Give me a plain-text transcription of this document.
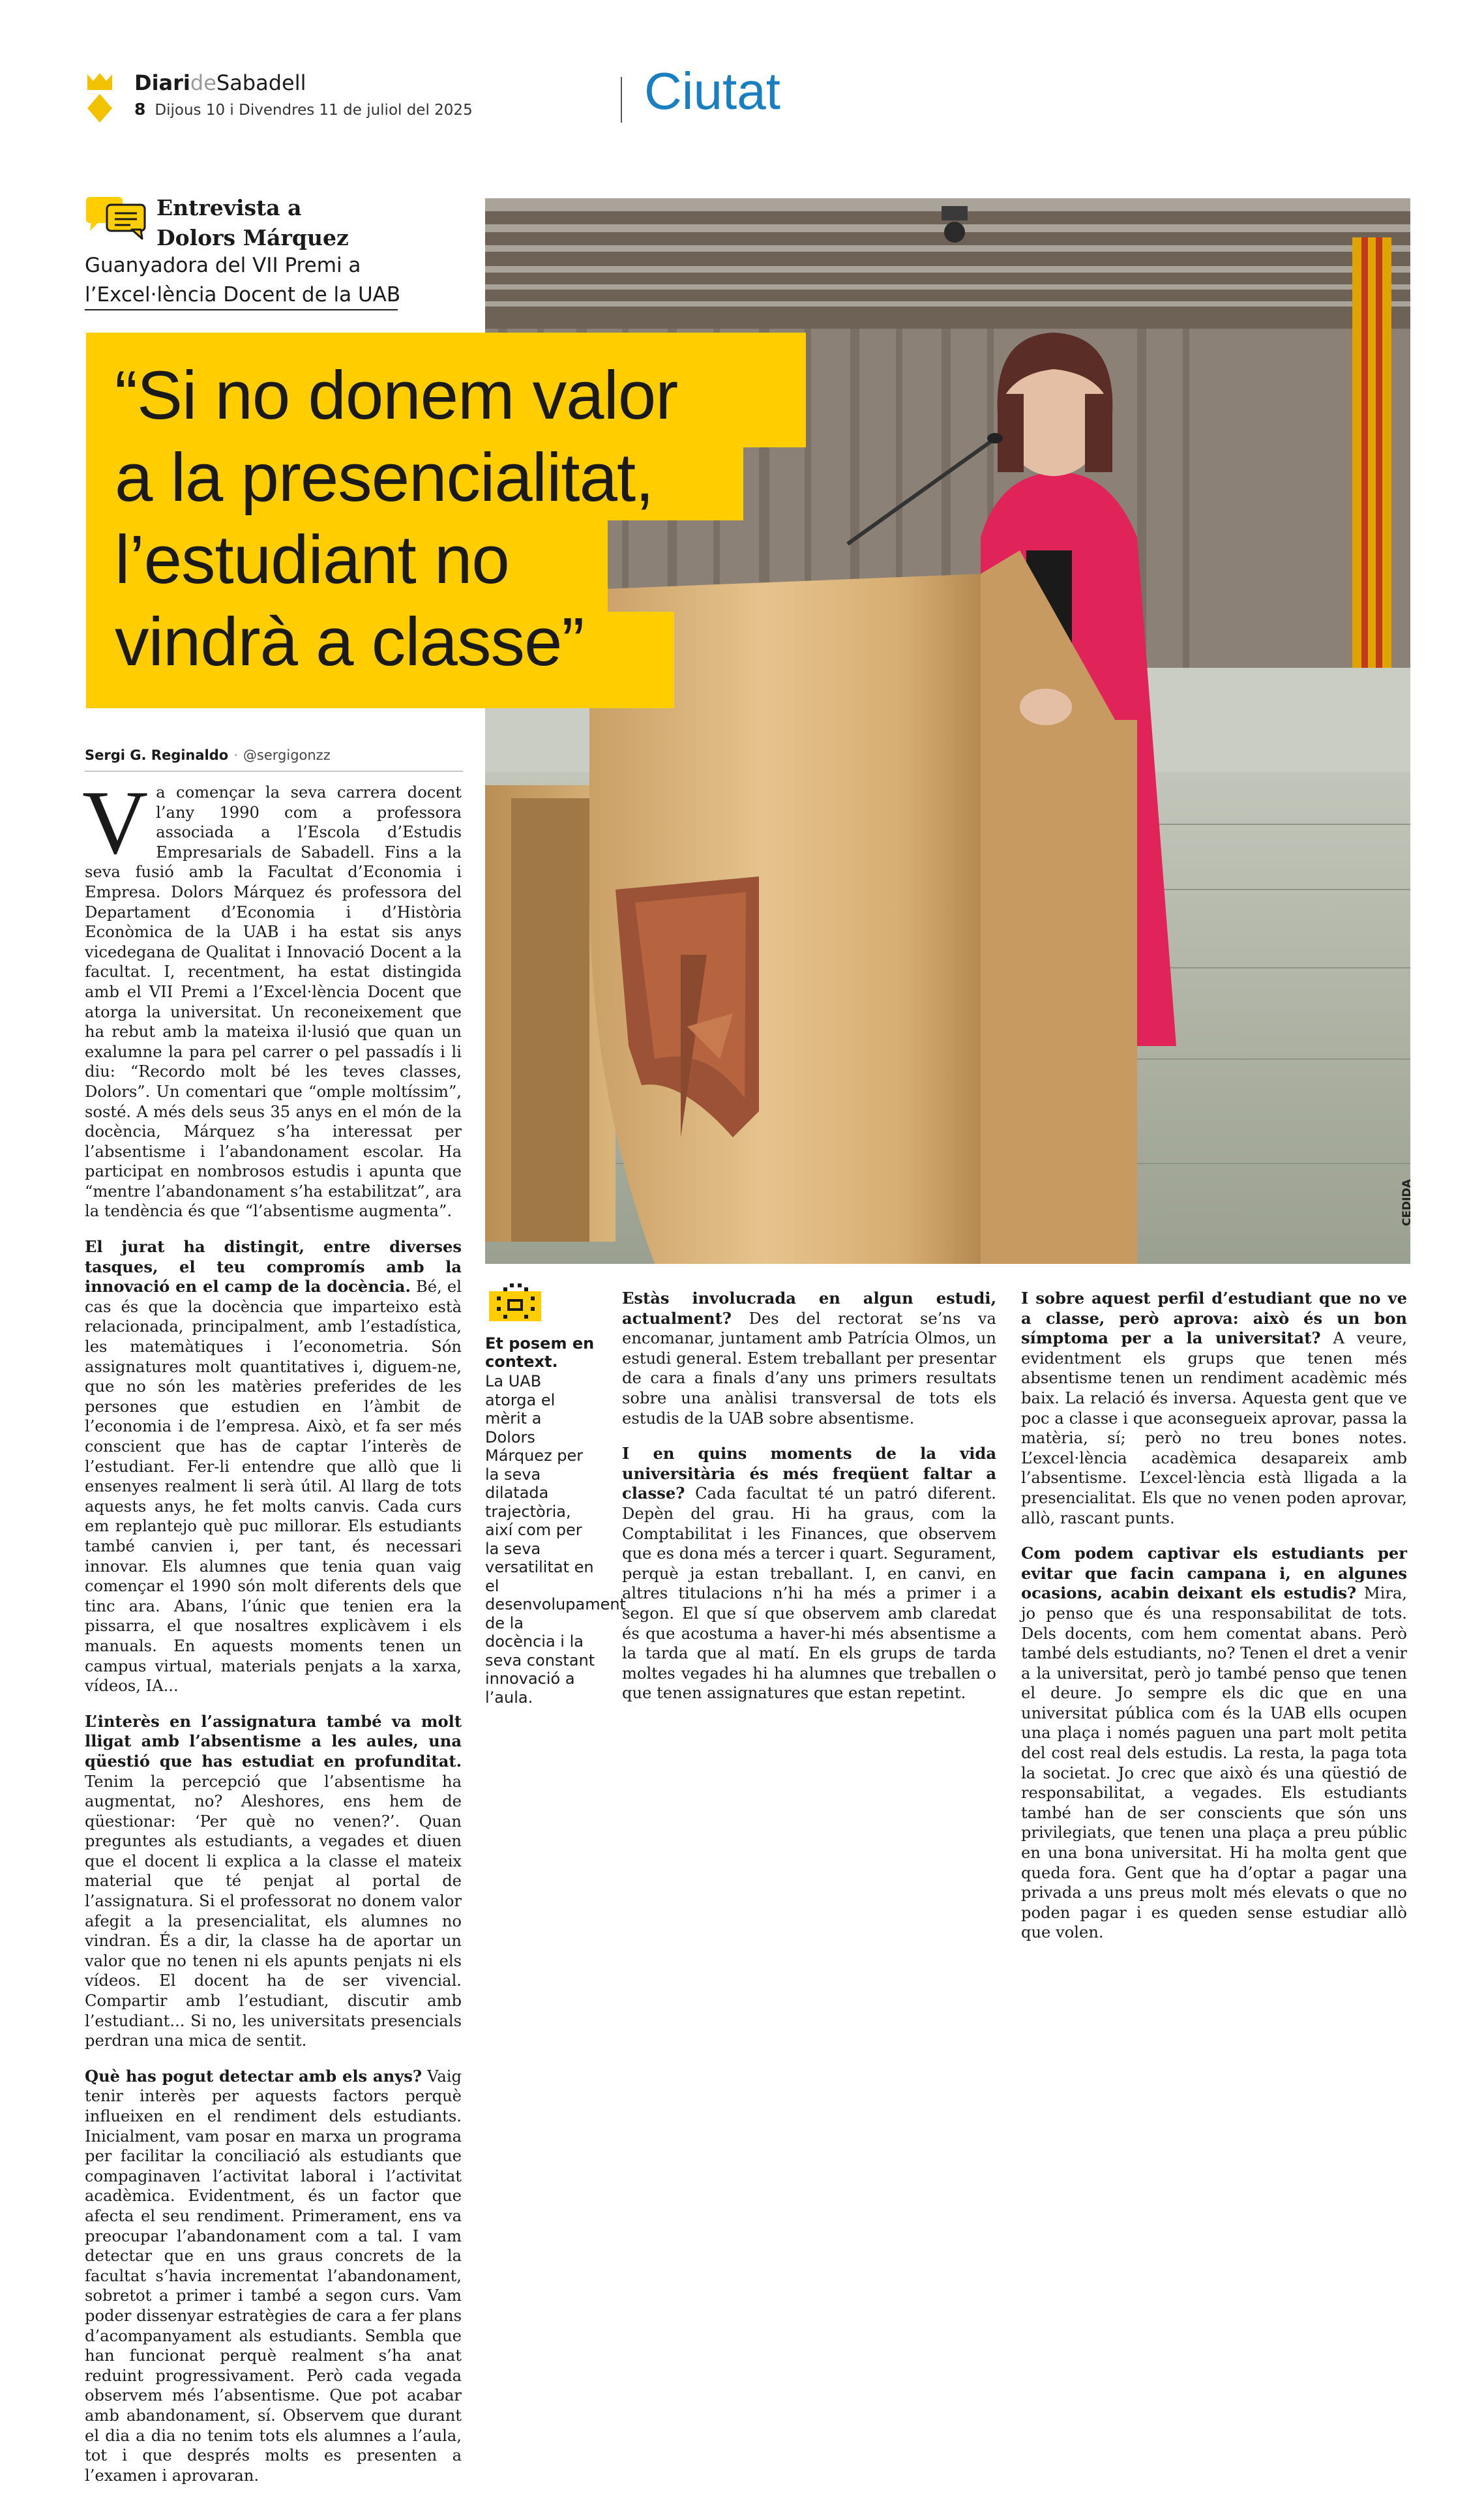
DiarideSabadell
8 Dijous 10 i Divendres 11 de juliol del 2025	Ciutat
Entrevista a
Dolors Márquez
Guanyadora del VII Premi a
l’Excel·lència Docent de la UAB
CEDIDA
“Si no donem valor
a la presencialitat,
l’estudiant no
vindrà a classe”
Sergi G. Reginaldo · @sergigonzz

Va començar la seva carrera docent l’any 1990 com a professora associada a l’Escola d’Estudis Empresarials de Sabadell. Fins a la seva fusió amb la Facultat d’Economia i Empresa. Dolors Márquez és professora del Departament d’Economia i d’Història Econòmica de la UAB i ha estat sis anys vicedegana de Qualitat i Innovació Docent a la facultat. I, recentment, ha estat distingida amb el VII Premi a l’Excel·lència Docent que atorga la universitat. Un reconeixement que ha rebut amb la mateixa il·lusió que quan un exalumne la para pel carrer o pel passadís i li diu: “Recordo molt bé les teves classes, Dolors”. Un comentari que “omple moltíssim”, sosté. A més dels seus 35 anys en el món de la docència, Márquez s’ha interessat per l’absentisme i l’abandonament escolar. Ha participat en nombrosos estudis i apunta que “mentre l’abandonament s’ha estabilitzat”, ara la tendència és que “l’absentisme augmenta”.

El jurat ha distingit, entre diverses tasques, el teu compromís amb la innovació en el camp de la docència. Bé, el cas és que la docència que imparteixo està relacionada, principalment, amb l’estadística, les matemàtiques i l’econometria. Són assignatures molt quantitatives i, diguem-ne, que no són les matèries preferides de les persones que estudien en l’àmbit de l’economia i de l’empresa. Això, et fa ser més conscient que has de captar l’interès de l’estudiant. Fer-li entendre que allò que li ensenyes realment li serà útil. Al llarg de tots aquests anys, he fet molts canvis. Cada curs em replantejo què puc millorar. Els estudiants també canvien i, per tant, és necessari innovar. Els alumnes que tenia quan vaig començar el 1990 són molt diferents dels que tinc ara. Abans, l’únic que tenien era la pissarra, el que nosaltres explicàvem i els manuals. En aquests moments tenen un campus virtual, materials penjats a la xarxa, vídeos, IA...

L’interès en l’assignatura també va molt lligat amb l’absentisme a les aules, una qüestió que has estudiat en profunditat. Tenim la percepció que l’absentisme ha augmentat, no? Aleshores, ens hem de qüestionar: ‘Per què no venen?’. Quan preguntes als estudiants, a vegades et diuen que el docent li explica a la classe el mateix material que té penjat al portal de l’assignatura. Si el professorat no donem valor afegit a la presencialitat, els alumnes no vindran. És a dir, la classe ha de aportar un valor que no tenen ni els apunts penjats ni els vídeos. El docent ha de ser vivencial. Compartir amb l’estudiant, discutir amb l’estudiant... Si no, les universitats presencials perdran una mica de sentit.

Què has pogut detectar amb els anys? Vaig tenir interès per aquests factors perquè influeixen en el rendiment dels estudiants. Inicialment, vam posar en marxa un programa per facilitar la conciliació als estudiants que compaginaven l’activitat laboral i l’activitat acadèmica. Evidentment, és un factor que afecta el seu rendiment. Primerament, ens va preocupar l’abandonament com a tal. I vam detectar que en uns graus concrets de la facultat s’havia incrementat l’abandonament, sobretot a primer i també a segon curs. Vam poder dissenyar estratègies de cara a fer plans d’acompanyament als estudiants. Sembla que han funcionat perquè realment s’ha anat reduint progressivament. Però cada vegada observem més l’absentisme. Que pot acabar amb abandonament, sí. Observem que durant el dia a dia no tenim tots els alumnes a l’aula, tot i que després molts es presenten a l’examen i aprovaran.

Et posem en context.
La UAB atorga el mèrit a Dolors Márquez per la seva dilatada trajectòria, així com per la seva versatilitat en el desenvolupament de la docència i la seva constant innovació a l’aula.

Estàs involucrada en algun estudi, actualment? Des del rectorat se’ns va encomanar, juntament amb Patrícia Olmos, un estudi general. Estem treballant per presentar de cara a finals d’any uns primers resultats sobre una anàlisi transversal de tots els estudis de la UAB sobre absentisme.

I en quins moments de la vida universitària és més freqüent faltar a classe? Cada facultat té un patró diferent. Depèn del grau. Hi ha graus, com la Comptabilitat i les Finances, que observem que es dona més a tercer i quart. Segurament, perquè ja estan treballant. I, en canvi, en altres titulacions n’hi ha més a primer i a segon. El que sí que observem amb claredat és que acostuma a haver-hi més absentisme a la tarda que al matí. En els grups de tarda moltes vegades hi ha alumnes que treballen o que tenen assignatures que estan repetint.

I sobre aquest perfil d’estudiant que no ve a classe, però aprova: això és un bon símptoma per a la universitat? A veure, evidentment els grups que tenen més absentisme tenen un rendiment acadèmic més baix. La relació és inversa. Aquesta gent que ve poc a classe i que aconsegueix aprovar, passa la matèria, sí; però no treu bones notes. L’excel·lència acadèmica desapareix amb l’absentisme. L’excel·lència està lligada a la presencialitat. Els que no venen poden aprovar, allò, rascant punts.

Com podem captivar els estudiants per evitar que facin campana i, en algunes ocasions, acabin deixant els estudis? Mira, jo penso que és una responsabilitat de tots. Dels docents, com hem comentat abans. Però també dels estudiants, no? Tenen el dret a venir a la universitat, però jo també penso que tenen el deure. Jo sempre els dic que en una universitat pública com és la UAB ells ocupen una plaça i només paguen una part molt petita del cost real dels estudis. La resta, la paga tota la societat. Jo crec que això és una qüestió de responsabilitat, a vegades. Els estudiants també han de ser conscients que són uns privilegiats, que tenen una plaça a preu públic en una bona universitat. Hi ha molta gent que queda fora. Gent que ha d’optar a pagar una privada a uns preus molt més elevats o que no poden pagar i es queden sense estudiar allò que volen.
